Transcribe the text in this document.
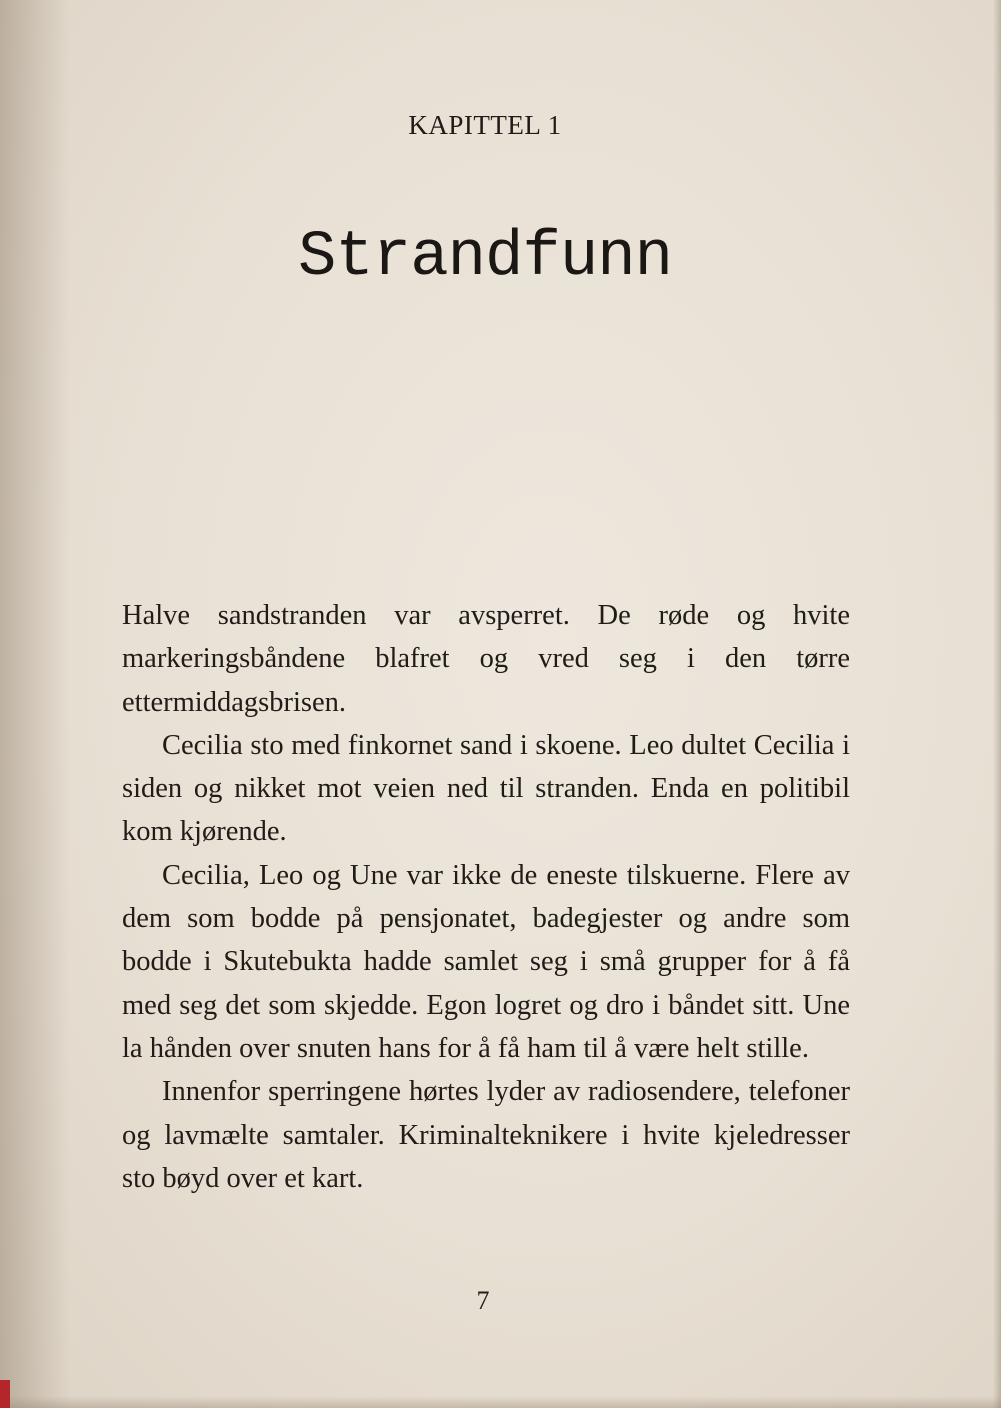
KAPITTEL 1
Strandfunn

Halve sandstranden var avsperret. De røde og hvite markeringsbåndene blafret og vred seg i den tørre ettermiddagsbrisen.

Cecilia sto med finkornet sand i skoene. Leo dultet Cecilia i siden og nikket mot veien ned til stranden. Enda en politibil kom kjørende.

Cecilia, Leo og Une var ikke de eneste tilskuerne. Flere av dem som bodde på pensjonatet, badegjester og andre som bodde i Skutebukta hadde samlet seg i små grupper for å få med seg det som skjedde. Egon logret og dro i båndet sitt. Une la hånden over snuten hans for å få ham til å være helt stille.

Innenfor sperringene hørtes lyder av radiosendere, telefoner og lavmælte samtaler. Kriminalteknikere i hvite kjeledresser sto bøyd over et kart.

7
